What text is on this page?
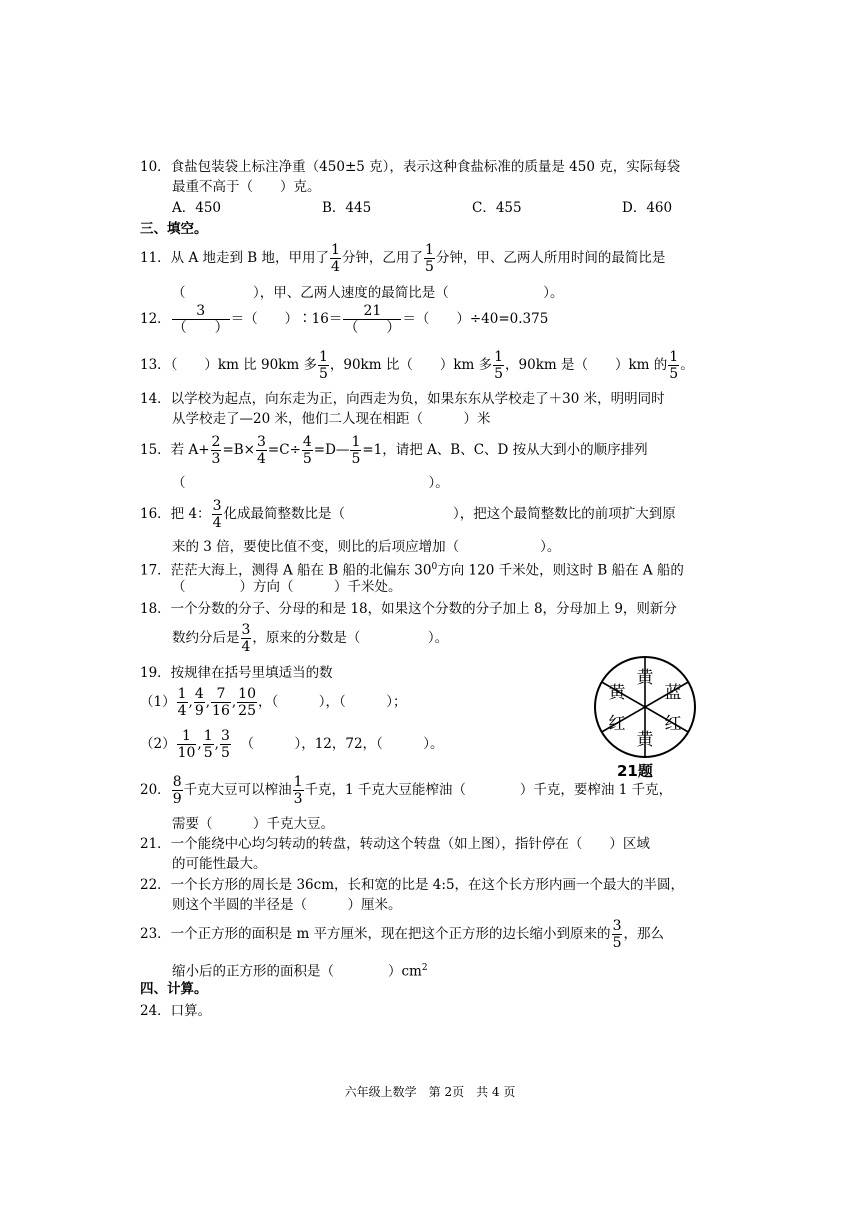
10．食盐包装袋上标注净重（450±5 克），表示这种食盐标准的质量是 450 克，实际每袋
最重不高于（　　）克。
A．450	B．445	C．455	D．460
三、填空。
11．从 A 地走到 B 地，甲用了 $\frac{1}{4}$ 分钟，乙用了 $\frac{1}{5}$ 分钟，甲、乙两人所用时间的最简比是
（　　　　　），甲、乙两人速度的最简比是（　　　　　　　）。
12．	3
（　　）
＝（　　）∶16＝	21
（　　）
＝（　　）÷40=0.375
13．（　　）km 比 90km 多 $\frac{1}{5}$ ，90km 比（　　）km 多 $\frac{1}{5}$ ，90km 是（　　）km 的 $\frac{1}{5}$ 。
14．以学校为起点，向东走为正，向西走为负，如果东东从学校走了＋30 米，明明同时
从学校走了—20 米，他们二人现在相距（　　　）米
15．若 $A+ \frac{2}{3} =B\times \frac{3}{4} =C\div \frac{4}{5}$ =D— $\frac{1}{5} =1$，请把 A、B、C、D 按从大到小的顺序排列
（　　　　　　　　　　　　　　　　　　）。
16．把 4： $\frac{3}{4}$ 化成最简整数比是（　　　　　　　　），把这个最简整数比的前项扩大到原
来的 3 倍，要使比值不变，则比的后项应增加（　　　　　　）。
17．茫茫大海上，测得 A 船在 B 船的北偏东 $30^0$方向 120 千米处，则这时 B 船在 A 船的
（　　　　）方向（　　　）千米处。
18．一个分数的分子、分母的和是 18，如果这个分数的分子加上 8，分母加上 9，则新分
数约分后是 $\frac{3}{4}$ ，原来的分数是（　　　　　）。
19．按规律在括号里填适当的数
$(1) \frac{1}{4}$ , $\frac{4}{9}$ , $\frac{7}{16}$ , $\frac{10}{25}$ ，（　　　），（　　　）；
$(2) \frac{1}{10}$ , $\frac{1}{5}$ , $\frac{3}{5}$ （　　　），12，72，（　　　）。
黄
蓝
红
黄
红
黄
21题
20． $\frac{8}{9}$ 千克大豆可以榨油 $\frac{1}{3}$ 千克，1 千克大豆能榨油（　　　　）千克，要榨油 1 千克，
需要（　　　）千克大豆。
21．一个能绕中心均匀转动的转盘，转动这个转盘（如上图），指针停在（　　）区域
的可能性最大。
22．一个长方形的周长是 36cm，长和宽的比是 4:5，在这个长方形内画一个最大的半圆，
则这个半圆的半径是（　　　）厘米。
23．一个正方形的面积是 m 平方厘米，现在把这个正方形的边长缩小到原来的 $\frac{3}{5}$ ，那么
缩小后的正方形的面积是（　　　　）$cm^2$
四、计算。
24．口算。
六年级上数学　第 2页　共 4 页
